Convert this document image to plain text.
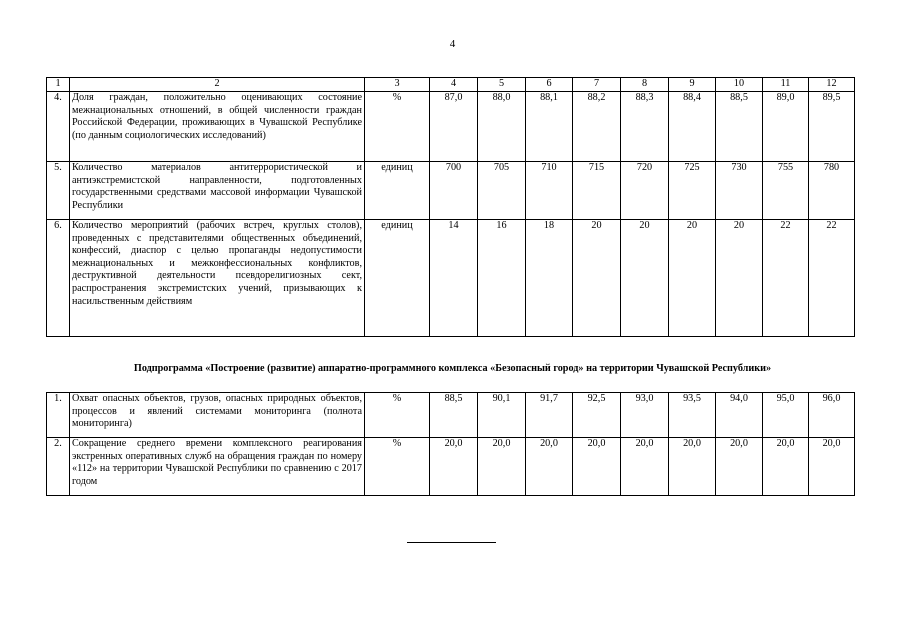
4
1	2	3	4	5	6	7	8	9	10	11	12
4.	Доля граждан, положительно оценивающих состояние межнациональных отношений, в общей численности граждан Российской Федерации, проживающих в Чувашской Республике (по данным социологических исследований)	%	87,0	88,0	88,1	88,2	88,3	88,4	88,5	89,0	89,5
5.	Количество материалов антитеррористической и антиэкстремистской направленности, подготовленных государственными средствами массовой информации Чувашской Республики	единиц	700	705	710	715	720	725	730	755	780
6.	Количество мероприятий (рабочих встреч, круглых столов), проведенных с представителями общественных объединений, конфессий, диаспор с целью пропаганды недопустимости межнациональных и межконфессиональных конфликтов, деструктивной деятельности псевдорелигиозных сект, распространения экстремистских учений, призывающих к насильственным действиям	единиц	14	16	18	20	20	20	20	22	22
Подпрограмма «Построение (развитие) аппаратно-программного комплекса «Безопасный город» на территории Чувашской Республики»
1.	Охват опасных объектов, грузов, опасных природных объектов, процессов и явлений системами мониторинга (полнота мониторинга)	%	88,5	90,1	91,7	92,5	93,0	93,5	94,0	95,0	96,0
2.	Сокращение среднего времени комплексного реагирования экстренных оперативных служб на обращения граждан по номеру «112» на территории Чувашской Республики по сравнению с 2017 годом	%	20,0	20,0	20,0	20,0	20,0	20,0	20,0	20,0	20,0
